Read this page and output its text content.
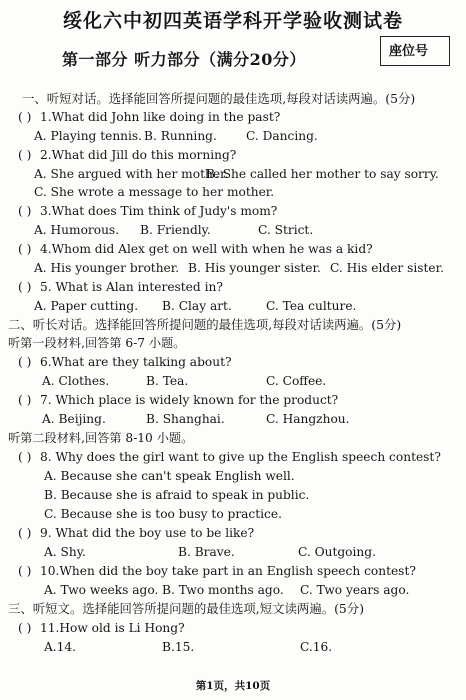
绥化六中初四英语学科开学验收测试卷
第一部分 听力部分（满分20分）	座位号
一、听短对话。选择能回答所提问题的最佳选项,每段对话读两遍。(5分)
( ) 1.What did John like doing in the past?
A. Playing tennis. B. Running. C. Dancing.
( ) 2.What did Jill do this morning?
A. She argued with her mother.
B. She called her mother to say sorry.
C. She wrote a message to her mother.
( ) 3.What does Tim think of Judy's mom?
A. Humorous. B. Friendly.	C. Strict.
( ) 4.Whom did Alex get on well with when he was a kid?
A. His younger brother. B. His younger sister. C. His elder sister.
( ) 5. What is Alan interested in?
A. Paper cutting. B. Clay art.	C. Tea culture.
二、听长对话。选择能回答所提问题的最佳选项,每段对话读两遍。(5分)
听第一段材料,回答第 6-7 小题。
( ) 6.What are they talking about?
A. Clothes.	B. Tea.	C. Coffee.
( ) 7. Which place is widely known for the product?
A. Beijing.	B. Shanghai.	C. Hangzhou.
听第二段材料,回答第 8-10 小题。
( ) 8. Why does the girl want to give up the English speech contest?
A. Because she can't speak English well.
B. Because she is afraid to speak in public.
C. Because she is too busy to practice.
( ) 9. What did the boy use to be like?
A. Shy.	B. Brave.	C. Outgoing.
( ) 10.When did the boy take part in an English speech contest?
A. Two weeks ago. B. Two months ago. C. Two years ago.
三、听短文。选择能回答所提问题的最佳选项,短文读两遍。(5分)
( ) 11.How old is Li Hong?
A.14.	B.15.	C.16.
第1页，共10页
